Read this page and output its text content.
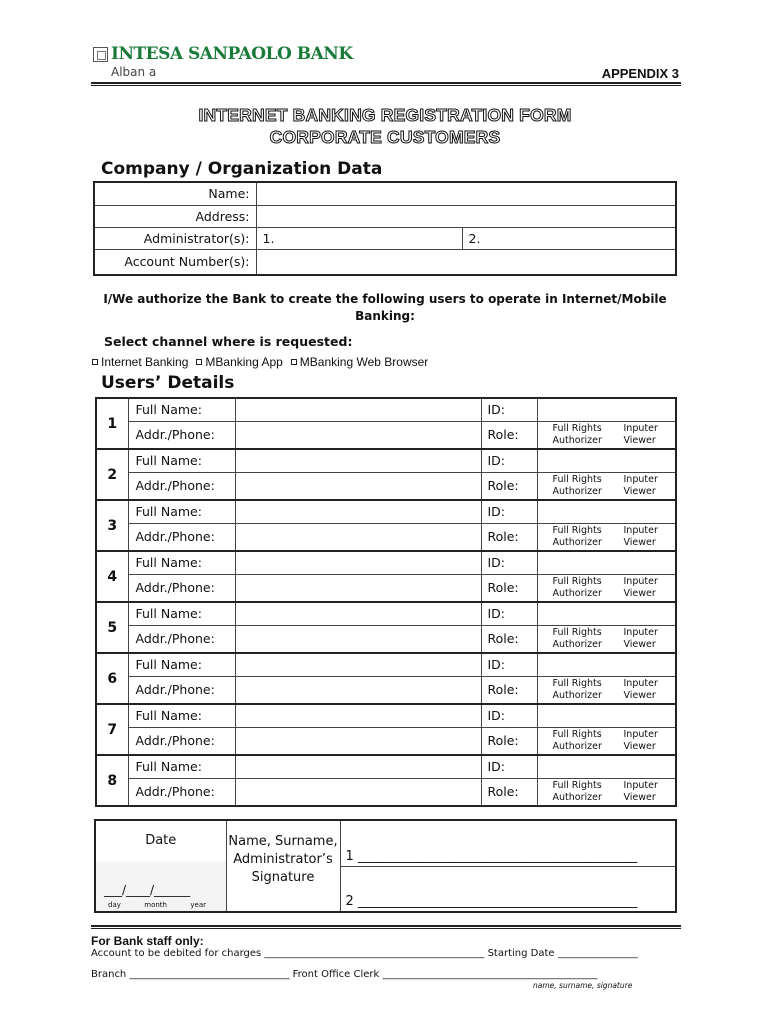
INTESA SANPAOLO BANK
Alban a	APPENDIX 3
INTERNET BANKING REGISTRATION FORM
CORPORATE CUSTOMERS
Company / Organization Data
Name:		
Address:		
Administrator(s):	1.	2.
Account Number(s):		
I/We authorize the Bank to create the following users to operate in Internet/Mobile Banking:
Select channel where is requested:
Internet Banking MBanking App MBanking Web Browser
Users’ Details
1	Full Name:		ID:	
	Addr./Phone:		Role:	Full Rights Inputer
Authorizer Viewer

2	Full Name:		ID:	
	Addr./Phone:		Role:	Full Rights Inputer
Authorizer Viewer

3	Full Name:		ID:	
	Addr./Phone:		Role:	Full Rights Inputer
Authorizer Viewer

4	Full Name:		ID:	
	Addr./Phone:		Role:	Full Rights Inputer
Authorizer Viewer

5	Full Name:		ID:	
	Addr./Phone:		Role:	Full Rights Inputer
Authorizer Viewer

6	Full Name:		ID:	
	Addr./Phone:		Role:	Full Rights Inputer
Authorizer Viewer

7	Full Name:		ID:	
	Addr./Phone:		Role:	Full Rights Inputer
Authorizer Viewer

8	Full Name:		ID:	
	Addr./Phone:		Role:	Full Rights Inputer
Authorizer Viewer
Date
___/____/______
day	month	year
	Name, Surname, Administrator’s Signature	1 ___________________________________________
2 ___________________________________________
For Bank staff only:
Account to be debited for charges ____________________________________________ Starting Date ________________
Branch ________________________________ Front Office Clerk ___________________________________________
name, surname, signature
